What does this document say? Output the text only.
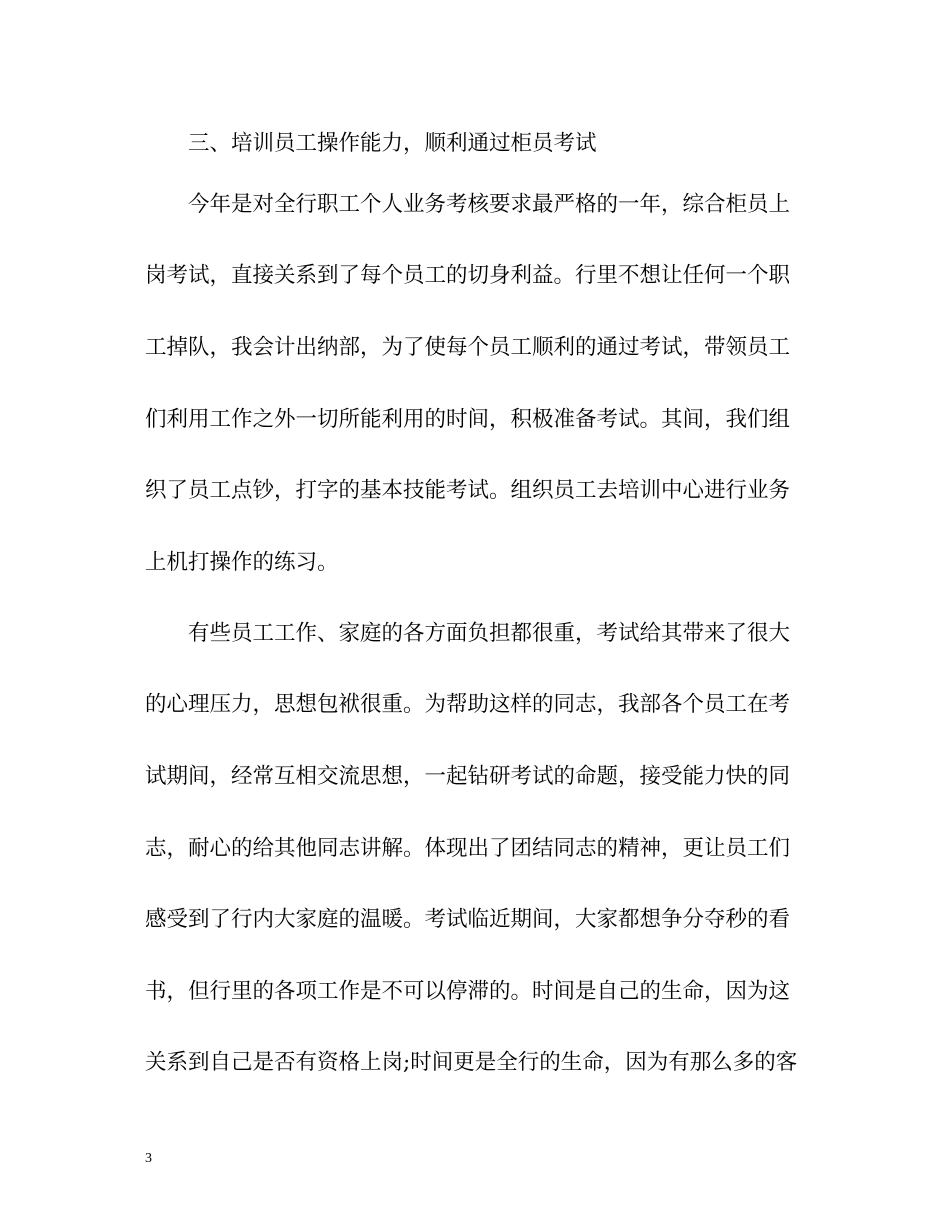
三、培训员工操作能力，顺利通过柜员考试
今年是对全行职工个人业务考核要求最严格的一年，综合柜员上
岗考试，直接关系到了每个员工的切身利益。行里不想让任何一个职
工掉队，我会计出纳部，为了使每个员工顺利的通过考试，带领员工
们利用工作之外一切所能利用的时间，积极准备考试。其间，我们组
织了员工点钞，打字的基本技能考试。组织员工去培训中心进行业务
上机打操作的练习。
有些员工工作、家庭的各方面负担都很重，考试给其带来了很大
的心理压力，思想包袱很重。为帮助这样的同志，我部各个员工在考
试期间，经常互相交流思想，一起钻研考试的命题，接受能力快的同
志，耐心的给其他同志讲解。体现出了团结同志的精神，更让员工们
感受到了行内大家庭的温暖。考试临近期间，大家都想争分夺秒的看
书，但行里的各项工作是不可以停滞的。时间是自己的生命，因为这
关系到自己是否有资格上岗;时间更是全行的生命，因为有那么多的客
3
